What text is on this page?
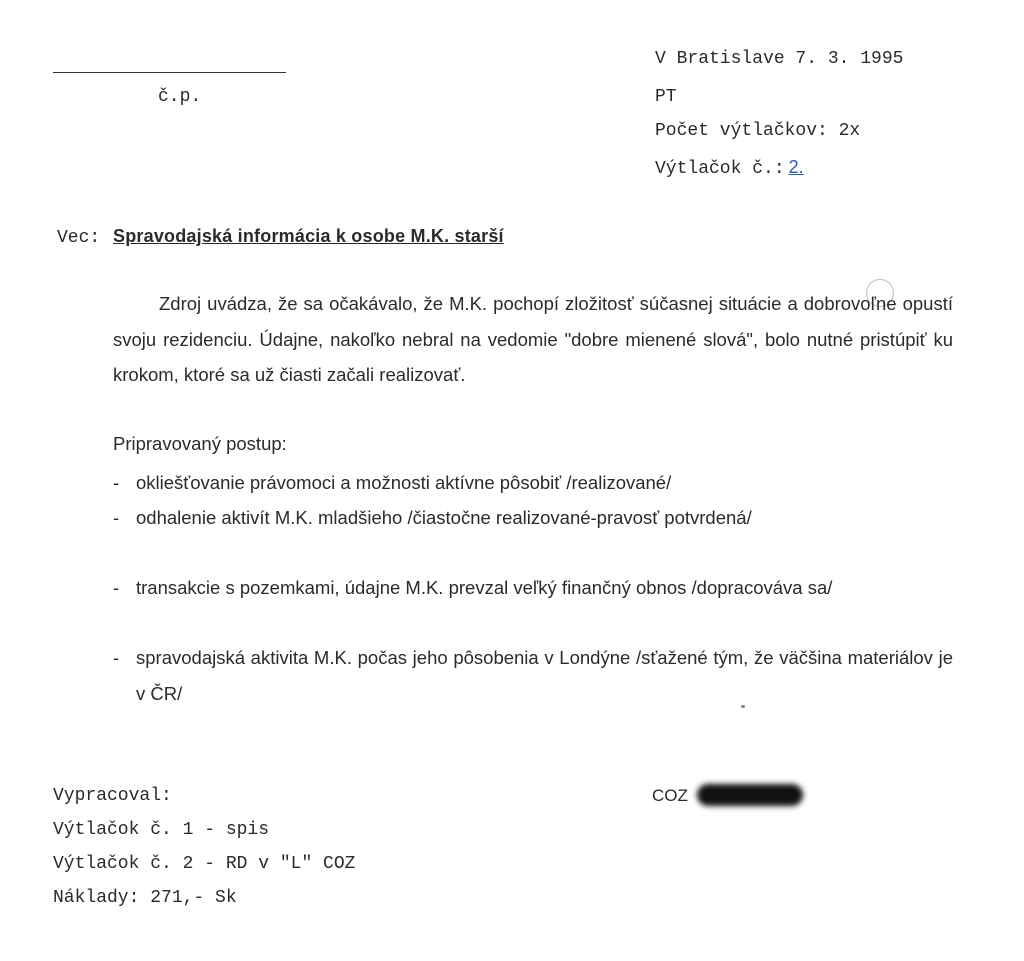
č.p.
V Bratislave 7. 3. 1995
PT
Počet výtlačkov: 2x
Výtlačok č.: 2.
Vec: Spravodajská informácia k osobe M.K. starší
Zdroj uvádza, že sa očakávalo, že M.K. pochopí zložitosť súčasnej situácie a dobrovoľne opustí svoju rezidenciu. Údajne, nakoľko nebral na vedomie "dobre mienené slová", bolo nutné pristúpiť ku krokom, ktoré sa už čiasti začali realizovať.
Pripravovaný postup:
- okliešťovanie právomoci a možnosti aktívne pôsobiť /realizované/
- odhalenie aktivít M.K. mladšieho /čiastočne realizované-pravosť potvrdená/
- transakcie s pozemkami, údajne M.K. prevzal veľký finančný obnos /dopracováva sa/
- spravodajská aktivita M.K. počas jeho pôsobenia v Londýne /sťažené tým, že väčšina materiálov je v ČR/
Vypracoval:
Výtlačok č. 1 - spis
Výtlačok č. 2 - RD v "L" COZ
Náklady: 271,- Sk
COZ
